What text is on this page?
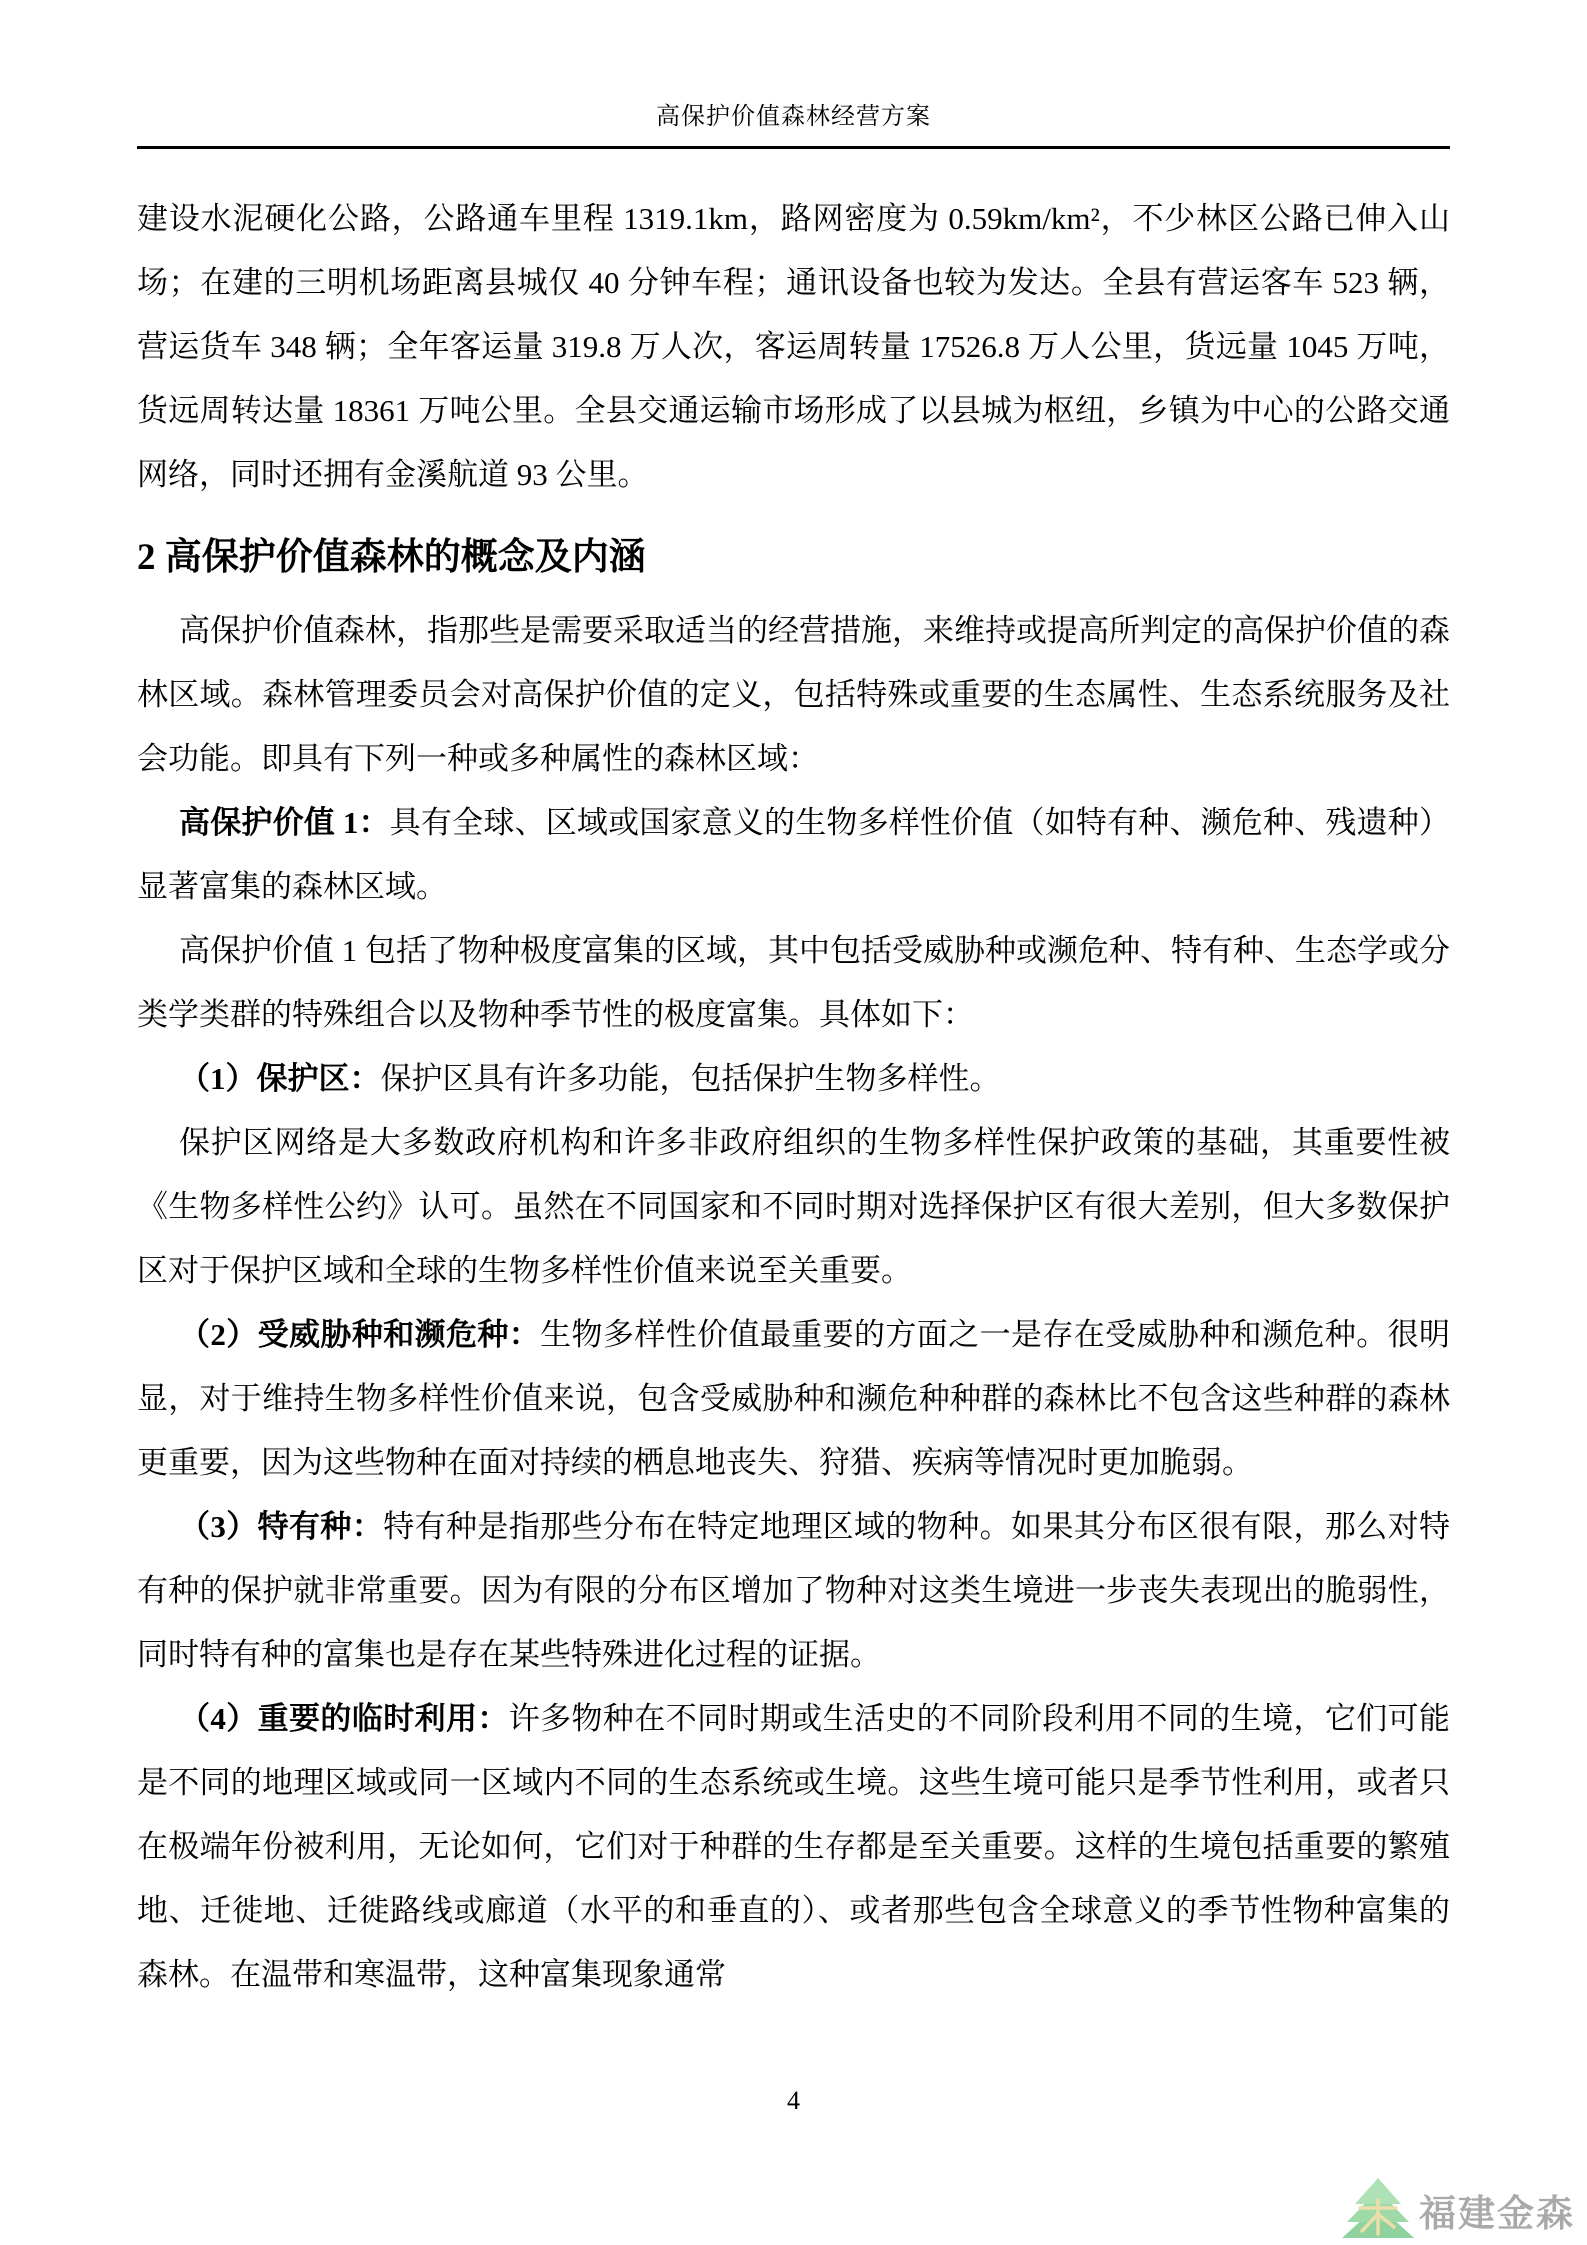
高保护价值森林经营方案

建设水泥硬化公路，公路通车里程 1319.1km，路网密度为 0.59km/km²，不少林区公路已伸入山场；在建的三明机场距离县城仅 40 分钟车程；通讯设备也较为发达。全县有营运客车 523 辆，营运货车 348 辆；全年客运量 319.8 万人次，客运周转量 17526.8 万人公里，货远量 1045 万吨，货远周转达量 18361 万吨公里。全县交通运输市场形成了以县城为枢纽，乡镇为中心的公路交通网络，同时还拥有金溪航道 93 公里。

2 高保护价值森林的概念及内涵

高保护价值森林，指那些是需要采取适当的经营措施，来维持或提高所判定的高保护价值的森林区域。森林管理委员会对高保护价值的定义，包括特殊或重要的生态属性、生态系统服务及社会功能。即具有下列一种或多种属性的森林区域：

高保护价值 1：具有全球、区域或国家意义的生物多样性价值（如特有种、濒危种、残遗种）显著富集的森林区域。

高保护价值 1 包括了物种极度富集的区域，其中包括受威胁种或濒危种、特有种、生态学或分类学类群的特殊组合以及物种季节性的极度富集。具体如下：

（1）保护区：保护区具有许多功能，包括保护生物多样性。

保护区网络是大多数政府机构和许多非政府组织的生物多样性保护政策的基础，其重要性被《生物多样性公约》认可。虽然在不同国家和不同时期对选择保护区有很大差别，但大多数保护区对于保护区域和全球的生物多样性价值来说至关重要。

（2）受威胁种和濒危种：生物多样性价值最重要的方面之一是存在受威胁种和濒危种。很明显，对于维持生物多样性价值来说，包含受威胁种和濒危种种群的森林比不包含这些种群的森林更重要，因为这些物种在面对持续的栖息地丧失、狩猎、疾病等情况时更加脆弱。

（3）特有种：特有种是指那些分布在特定地理区域的物种。如果其分布区很有限，那么对特有种的保护就非常重要。因为有限的分布区增加了物种对这类生境进一步丧失表现出的脆弱性，同时特有种的富集也是存在某些特殊进化过程的证据。

（4）重要的临时利用：许多物种在不同时期或生活史的不同阶段利用不同的生境，它们可能是不同的地理区域或同一区域内不同的生态系统或生境。这些生境可能只是季节性利用，或者只在极端年份被利用，无论如何，它们对于种群的生存都是至关重要。这样的生境包括重要的繁殖地、迁徙地、迁徙路线或廊道（水平的和垂直的）、或者那些包含全球意义的季节性物种富集的森林。在温带和寒温带，这种富集现象通常

4
福建金森
